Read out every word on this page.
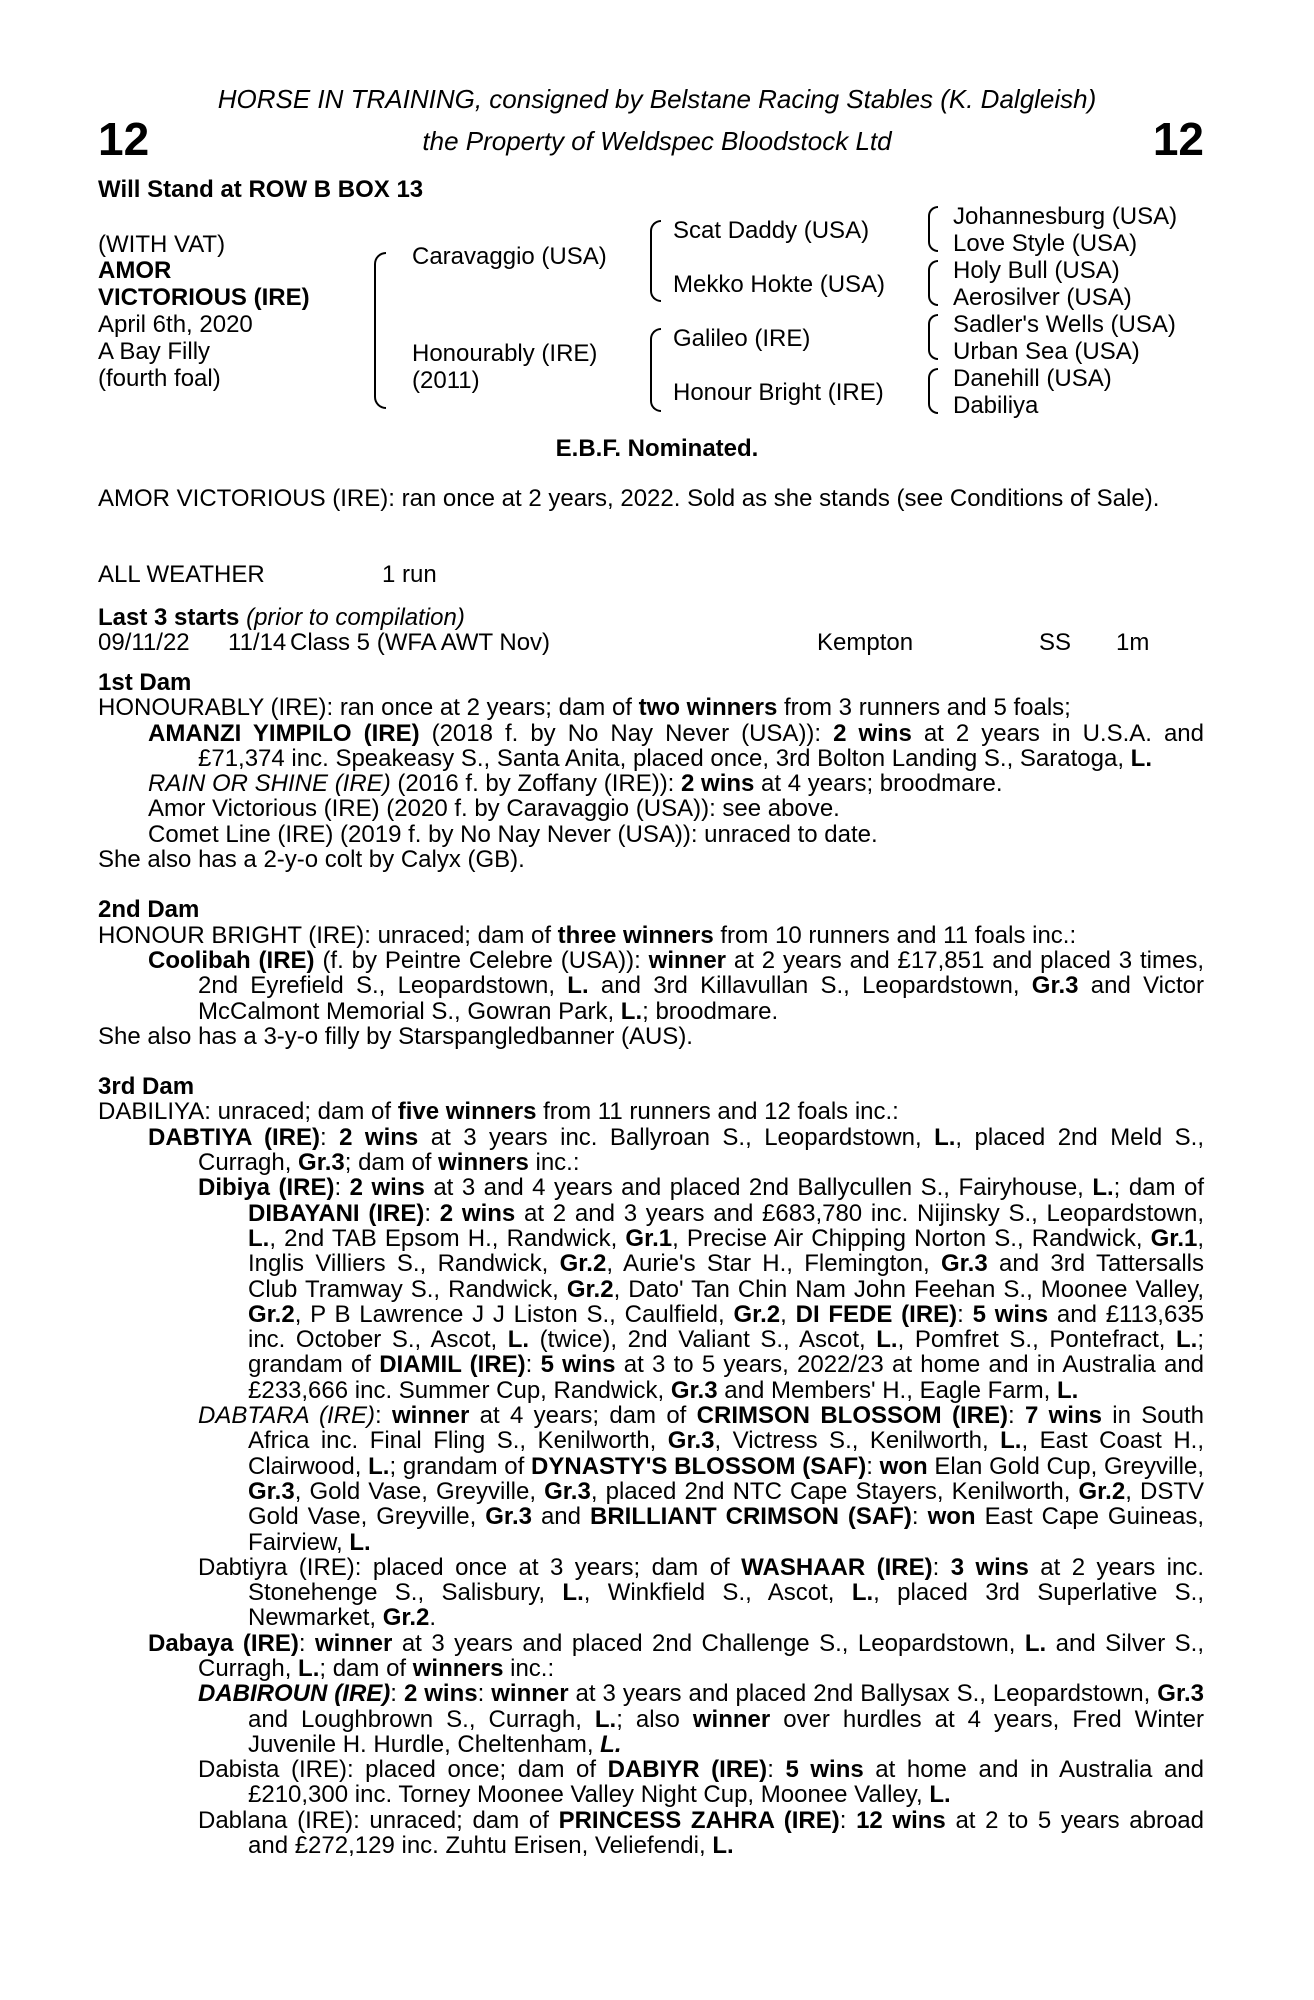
HORSE IN TRAINING, consigned by Belstane Racing Stables (K. Dalgleish)
the Property of Weldspec Bloodstock Ltd
12	12
Will Stand at ROW B BOX 13
(WITH VAT)
AMOR
VICTORIOUS (IRE)
April 6th, 2020
A Bay Filly
(fourth foal)
Caravaggio (USA)
Honourably (IRE)
(2011)
Scat Daddy (USA)
Mekko Hokte (USA)
Galileo (IRE)
Honour Bright (IRE)
Johannesburg (USA)
Love Style (USA)
Holy Bull (USA)
Aerosilver (USA)
Sadler's Wells (USA)
Urban Sea (USA)
Danehill (USA)
Dabiliya
E.B.F. Nominated.

AMOR VICTORIOUS (IRE): ran once at 2 years, 2022. Sold as she stands (see Conditions of Sale).

ALL WEATHER	1 run
Last 3 starts (prior to compilation)
09/11/22 11/14 Class 5 (WFA AWT Nov)	Kempton	SS 1m

1st Dam

HONOURABLY (IRE): ran once at 2 years; dam of two winners from 3 runners and 5 foals;

AMANZI YIMPILO (IRE) (2018 f. by No Nay Never (USA)): 2 wins at 2 years in U.S.A. and £71,374 inc. Speakeasy S., Santa Anita, placed once, 3rd Bolton Landing S., Saratoga, L.

RAIN OR SHINE (IRE) (2016 f. by Zoffany (IRE)): 2 wins at 4 years; broodmare.

Amor Victorious (IRE) (2020 f. by Caravaggio (USA)): see above.

Comet Line (IRE) (2019 f. by No Nay Never (USA)): unraced to date.

She also has a 2-y-o colt by Calyx (GB).

2nd Dam

HONOUR BRIGHT (IRE): unraced; dam of three winners from 10 runners and 11 foals inc.:

Coolibah (IRE) (f. by Peintre Celebre (USA)): winner at 2 years and £17,851 and placed 3 times, 2nd Eyrefield S., Leopardstown, L. and 3rd Killavullan S., Leopardstown, Gr.3 and Victor McCalmont Memorial S., Gowran Park, L.; broodmare.

She also has a 3-y-o filly by Starspangledbanner (AUS).

3rd Dam

DABILIYA: unraced; dam of five winners from 11 runners and 12 foals inc.:

DABTIYA (IRE): 2 wins at 3 years inc. Ballyroan S., Leopardstown, L., placed 2nd Meld S., Curragh, Gr.3; dam of winners inc.:

Dibiya (IRE): 2 wins at 3 and 4 years and placed 2nd Ballycullen S., Fairyhouse, L.; dam of DIBAYANI (IRE): 2 wins at 2 and 3 years and £683,780 inc. Nijinsky S., Leopardstown, L., 2nd TAB Epsom H., Randwick, Gr.1, Precise Air Chipping Norton S., Randwick, Gr.1, Inglis Villiers S., Randwick, Gr.2, Aurie's Star H., Flemington, Gr.3 and 3rd Tattersalls Club Tramway S., Randwick, Gr.2, Dato' Tan Chin Nam John Feehan S., Moonee Valley, Gr.2, P B Lawrence J J Liston S., Caulfield, Gr.2, DI FEDE (IRE): 5 wins and £113,635 inc. October S., Ascot, L. (twice), 2nd Valiant S., Ascot, L., Pomfret S., Pontefract, L.; grandam of DIAMIL (IRE): 5 wins at 3 to 5 years, 2022/23 at home and in Australia and £233,666 inc. Summer Cup, Randwick, Gr.3 and Members' H., Eagle Farm, L.

DABTARA (IRE): winner at 4 years; dam of CRIMSON BLOSSOM (IRE): 7 wins in South Africa inc. Final Fling S., Kenilworth, Gr.3, Victress S., Kenilworth, L., East Coast H., Clairwood, L.; grandam of DYNASTY'S BLOSSOM (SAF): won Elan Gold Cup, Greyville, Gr.3, Gold Vase, Greyville, Gr.3, placed 2nd NTC Cape Stayers, Kenilworth, Gr.2, DSTV Gold Vase, Greyville, Gr.3 and BRILLIANT CRIMSON (SAF): won East Cape Guineas, Fairview, L.

Dabtiyra (IRE): placed once at 3 years; dam of WASHAAR (IRE): 3 wins at 2 years inc. Stonehenge S., Salisbury, L., Winkfield S., Ascot, L., placed 3rd Superlative S., Newmarket, Gr.2.

Dabaya (IRE): winner at 3 years and placed 2nd Challenge S., Leopardstown, L. and Silver S., Curragh, L.; dam of winners inc.:

DABIROUN (IRE): 2 wins: winner at 3 years and placed 2nd Ballysax S., Leopardstown, Gr.3 and Loughbrown S., Curragh, L.; also winner over hurdles at 4 years, Fred Winter Juvenile H. Hurdle, Cheltenham, L.

Dabista (IRE): placed once; dam of DABIYR (IRE): 5 wins at home and in Australia and £210,300 inc. Torney Moonee Valley Night Cup, Moonee Valley, L.

Dablana (IRE): unraced; dam of PRINCESS ZAHRA (IRE): 12 wins at 2 to 5 years abroad and £272,129 inc. Zuhtu Erisen, Veliefendi, L.
